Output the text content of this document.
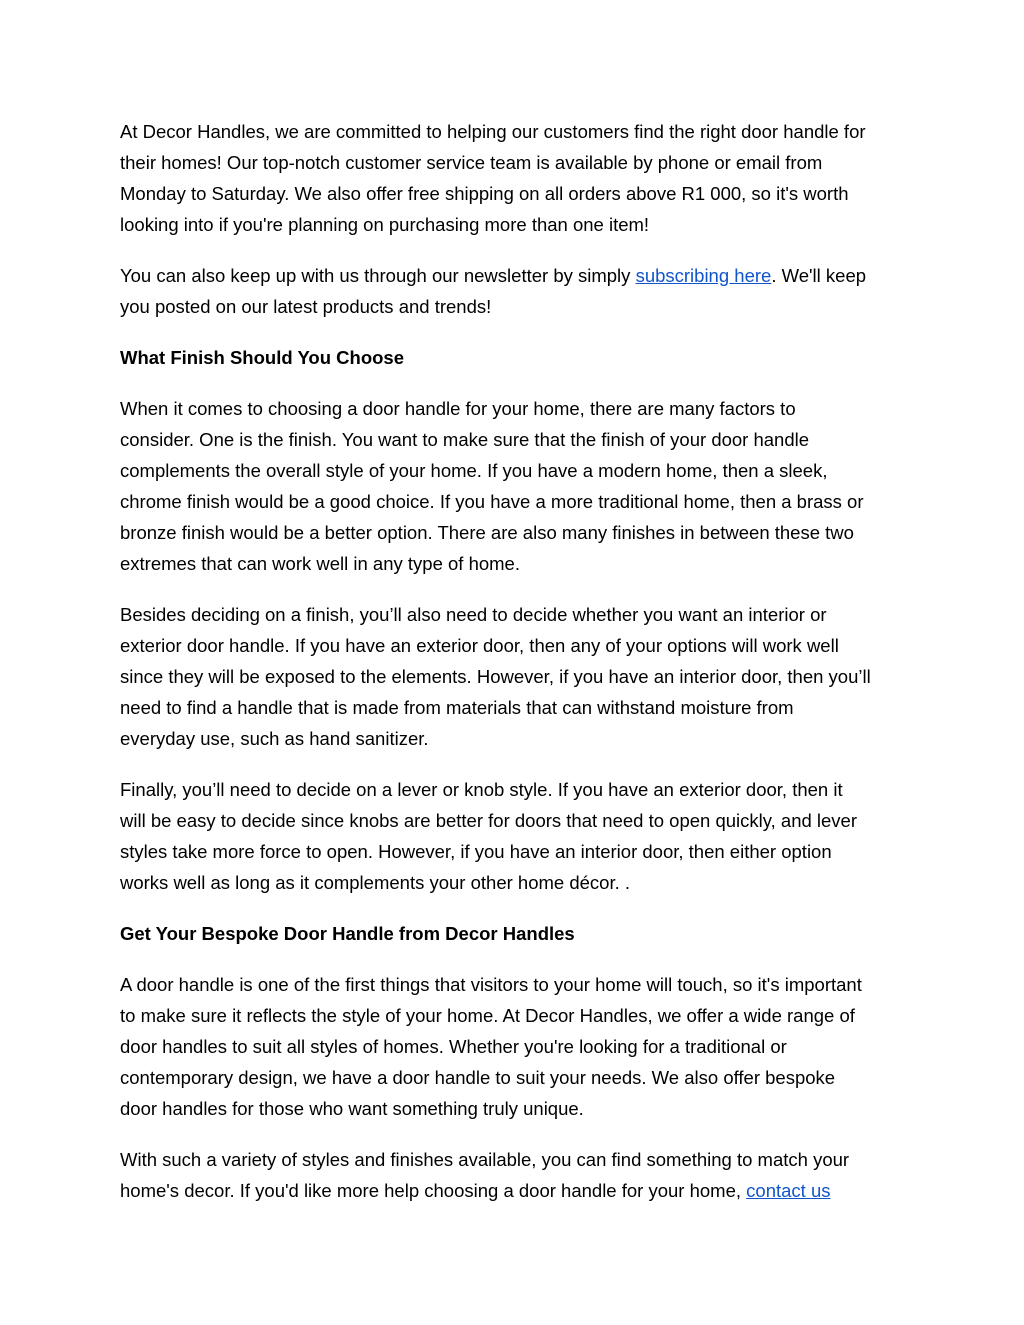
At Decor Handles, we are committed to helping our customers find the right door handle for
their homes! Our top-notch customer service team is available by phone or email from
Monday to Saturday. We also offer free shipping on all orders above R1 000, so it's worth
looking into if you're planning on purchasing more than one item!

You can also keep up with us through our newsletter by simply subscribing here. We'll keep
you posted on our latest products and trends!

What Finish Should You Choose

When it comes to choosing a door handle for your home, there are many factors to
consider. One is the finish. You want to make sure that the finish of your door handle
complements the overall style of your home. If you have a modern home, then a sleek,
chrome finish would be a good choice. If you have a more traditional home, then a brass or
bronze finish would be a better option. There are also many finishes in between these two
extremes that can work well in any type of home.

Besides deciding on a finish, you’ll also need to decide whether you want an interior or
exterior door handle. If you have an exterior door, then any of your options will work well
since they will be exposed to the elements. However, if you have an interior door, then you’ll
need to find a handle that is made from materials that can withstand moisture from
everyday use, such as hand sanitizer.

Finally, you’ll need to decide on a lever or knob style. If you have an exterior door, then it
will be easy to decide since knobs are better for doors that need to open quickly, and lever
styles take more force to open. However, if you have an interior door, then either option
works well as long as it complements your other home décor. .

Get Your Bespoke Door Handle from Decor Handles

A door handle is one of the first things that visitors to your home will touch, so it's important
to make sure it reflects the style of your home. At Decor Handles, we offer a wide range of
door handles to suit all styles of homes. Whether you're looking for a traditional or
contemporary design, we have a door handle to suit your needs. We also offer bespoke
door handles for those who want something truly unique.

With such a variety of styles and finishes available, you can find something to match your
home's decor. If you'd like more help choosing a door handle for your home, contact us
